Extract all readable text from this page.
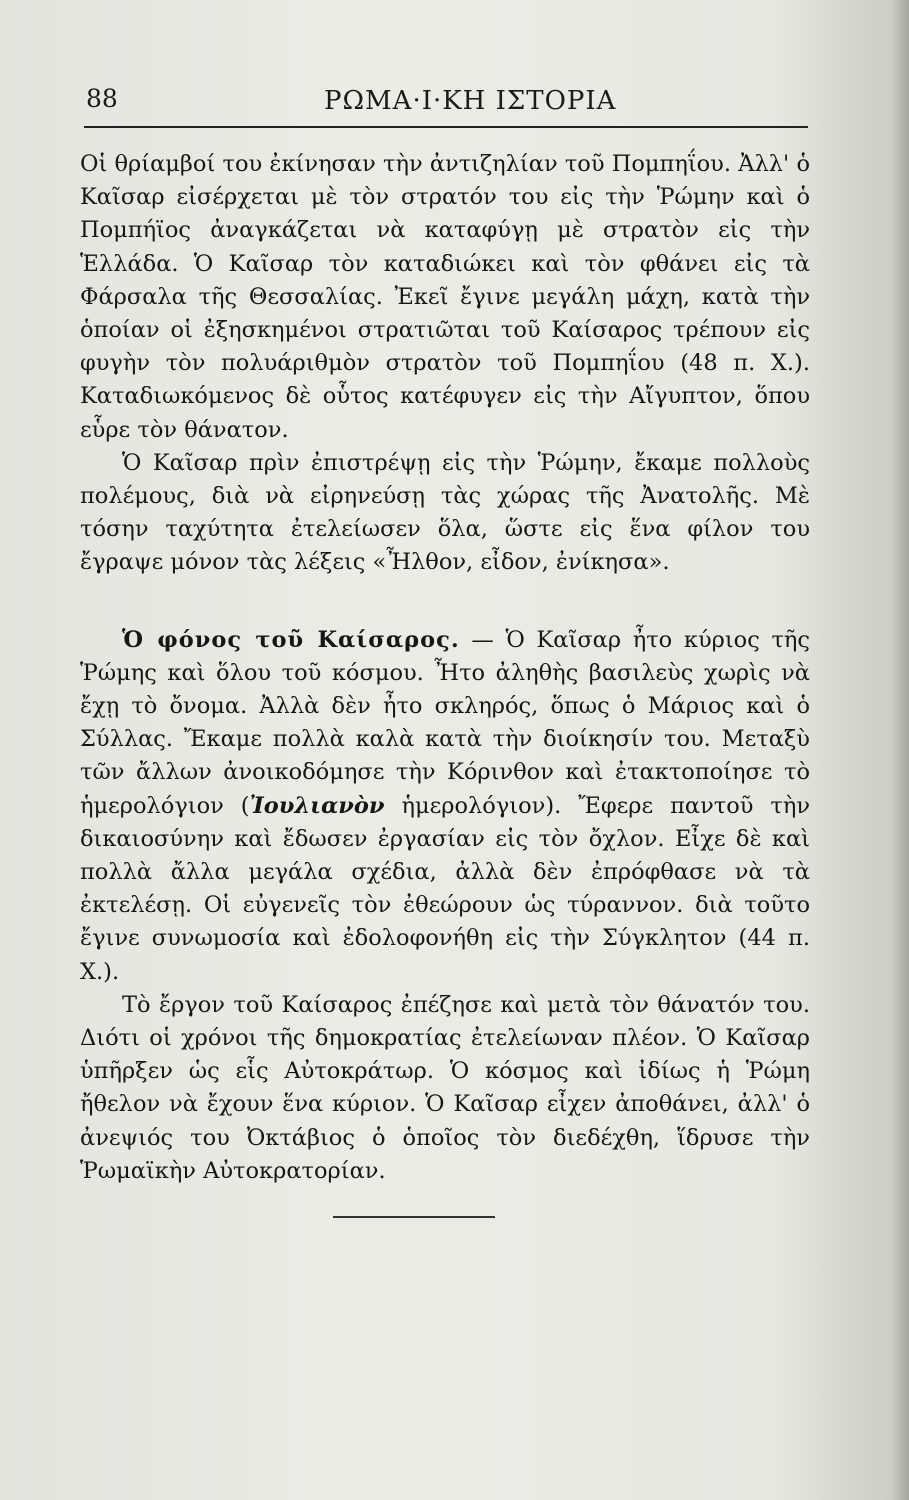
88	ΡΩΜΑ·Ι·ΚΗ ΙΣΤΟΡΙΑ

Οἱ θρίαμβοί του ἐκίνησαν τὴν ἀντιζηλίαν τοῦ Πομπηΐου. Ἀλλ' ὁ Καῖσαρ εἰσέρχεται μὲ τὸν στρατόν του εἰς τὴν Ῥώμην καὶ ὁ Πομπήϊος ἀναγκάζεται νὰ καταφύγῃ μὲ στρατὸν εἰς τὴν Ἑλλάδα. Ὁ Καῖσαρ τὸν καταδιώκει καὶ τὸν φθάνει εἰς τὰ Φάρσαλα τῆς Θεσσαλίας. Ἐκεῖ ἔγινε μεγάλη μάχη, κατὰ τὴν ὁποίαν οἱ ἐξησκημένοι στρατιῶται τοῦ Καίσαρος τρέπουν εἰς φυγὴν τὸν πολυάριθμὸν στρατὸν τοῦ Πομπηΐου (48 π. Χ.). Καταδιωκόμενος δὲ οὗτος κατέφυγεν εἰς τὴν Αἴγυπτον, ὅπου εὗρε τὸν θάνατον.

Ὁ Καῖσαρ πρὶν ἐπιστρέψῃ εἰς τὴν Ῥώμην, ἔκαμε πολλοὺς πολέμους, διὰ νὰ εἰρηνεύσῃ τὰς χώρας τῆς Ἀνατολῆς. Μὲ τόσην ταχύτητα ἐτελείωσεν ὅλα, ὥστε εἰς ἕνα φίλον του ἔγραψε μόνον τὰς λέξεις «Ἦλθον, εἶδον, ἐνίκησα».

Ὁ φόνος τοῦ Καίσαρος. — Ὁ Καῖσαρ ἦτο κύριος τῆς Ῥώμης καὶ ὅλου τοῦ κόσμου. Ἦτο ἀληθὴς βασιλεὺς χωρὶς νὰ ἔχῃ τὸ ὄνομα. Ἀλλὰ δὲν ἦτο σκληρός, ὅπως ὁ Μάριος καὶ ὁ Σύλλας. Ἔκαμε πολλὰ καλὰ κατὰ τὴν διοίκησίν του. Μεταξὺ τῶν ἄλλων ἀνοικοδόμησε τὴν Κόρινθον καὶ ἐτακτοποίησε τὸ ἡμερολόγιον (Ἰουλιανὸν ἡμερολόγιον). Ἔφερε παντοῦ τὴν δικαιοσύνην καὶ ἔδωσεν ἐργασίαν εἰς τὸν ὄχλον. Εἶχε δὲ καὶ πολλὰ ἄλλα μεγάλα σχέδια, ἀλλὰ δὲν ἐπρόφθασε νὰ τὰ ἐκτελέσῃ. Οἱ εὐγενεῖς τὸν ἐθεώρουν ὡς τύραννον. διὰ τοῦτο ἔγινε συνωμοσία καὶ ἐδολοφονήθη εἰς τὴν Σύγκλητον (44 π. Χ.).

Τὸ ἔργον τοῦ Καίσαρος ἐπέζησε καὶ μετὰ τὸν θάνατόν του. Διότι οἱ χρόνοι τῆς δημοκρατίας ἐτελείωναν πλέον. Ὁ Καῖσαρ ὑπῆρξεν ὡς εἷς Αὐτοκράτωρ. Ὁ κόσμος καὶ ἰδίως ἡ Ῥώμη ἤθελον νὰ ἔχουν ἕνα κύριον. Ὁ Καῖσαρ εἶχεν ἀποθάνει, ἀλλ' ὁ ἀνεψιός του Ὀκτάβιος ὁ ὁποῖος τὸν διεδέχθη, ἵδρυσε τὴν Ῥωμαϊκὴν Αὐτοκρατορίαν.
